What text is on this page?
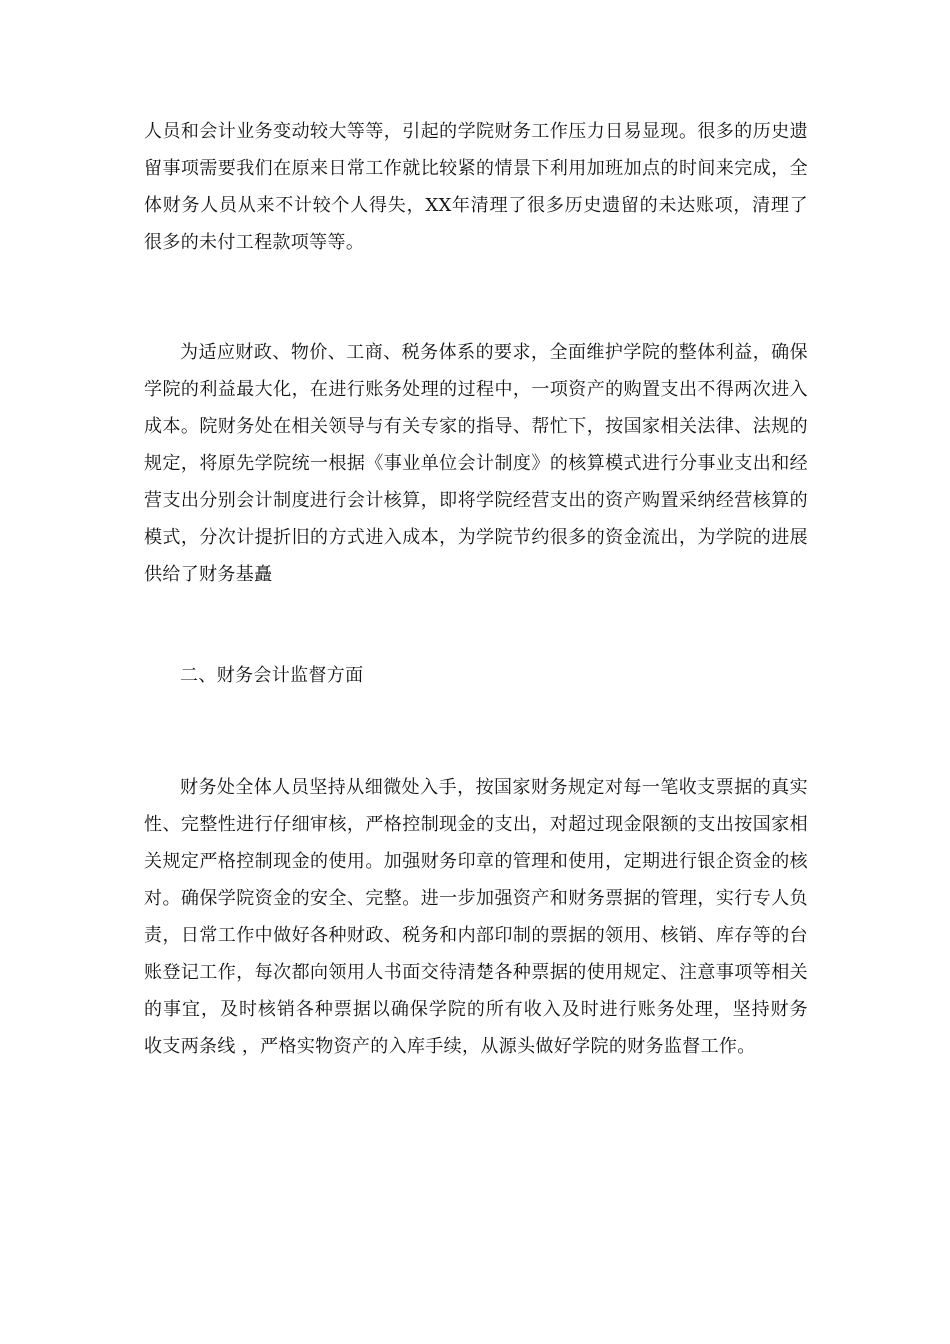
人员和会计业务变动较大等等，引起的学院财务工作压力日易显现。很多的历史遗留事项需要我们在原来日常工作就比较紧的情景下利用加班加点的时间来完成，全体财务人员从来不计较个人得失，XX年清理了很多历史遗留的未达账项，清理了很多的未付工程款项等等。

为适应财政、物价、工商、税务体系的要求，全面维护学院的整体利益，确保学院的利益最大化，在进行账务处理的过程中，一项资产的购置支出不得两次进入成本。院财务处在相关领导与有关专家的指导、帮忙下，按国家相关法律、法规的规定，将原先学院统一根据《事业单位会计制度》的核算模式进行分事业支出和经营支出分别会计制度进行会计核算，即将学院经营支出的资产购置采纳经营核算的模式，分次计提折旧的方式进入成本，为学院节约很多的资金流出，为学院的进展供给了财务基矗

二、财务会计监督方面

财务处全体人员坚持从细微处入手，按国家财务规定对每一笔收支票据的真实性、完整性进行仔细审核，严格控制现金的支出，对超过现金限额的支出按国家相关规定严格控制现金的使用。加强财务印章的管理和使用，定期进行银企资金的核对。确保学院资金的安全、完整。进一步加强资产和财务票据的管理，实行专人负责，日常工作中做好各种财政、税务和内部印制的票据的领用、核销、库存等的台账登记工作，每次都向领用人书面交待清楚各种票据的使用规定、注意事项等相关的事宜，及时核销各种票据以确保学院的所有收入及时进行账务处理，坚持财务 收支两条线 ，严格实物资产的入库手续，从源头做好学院的财务监督工作。
